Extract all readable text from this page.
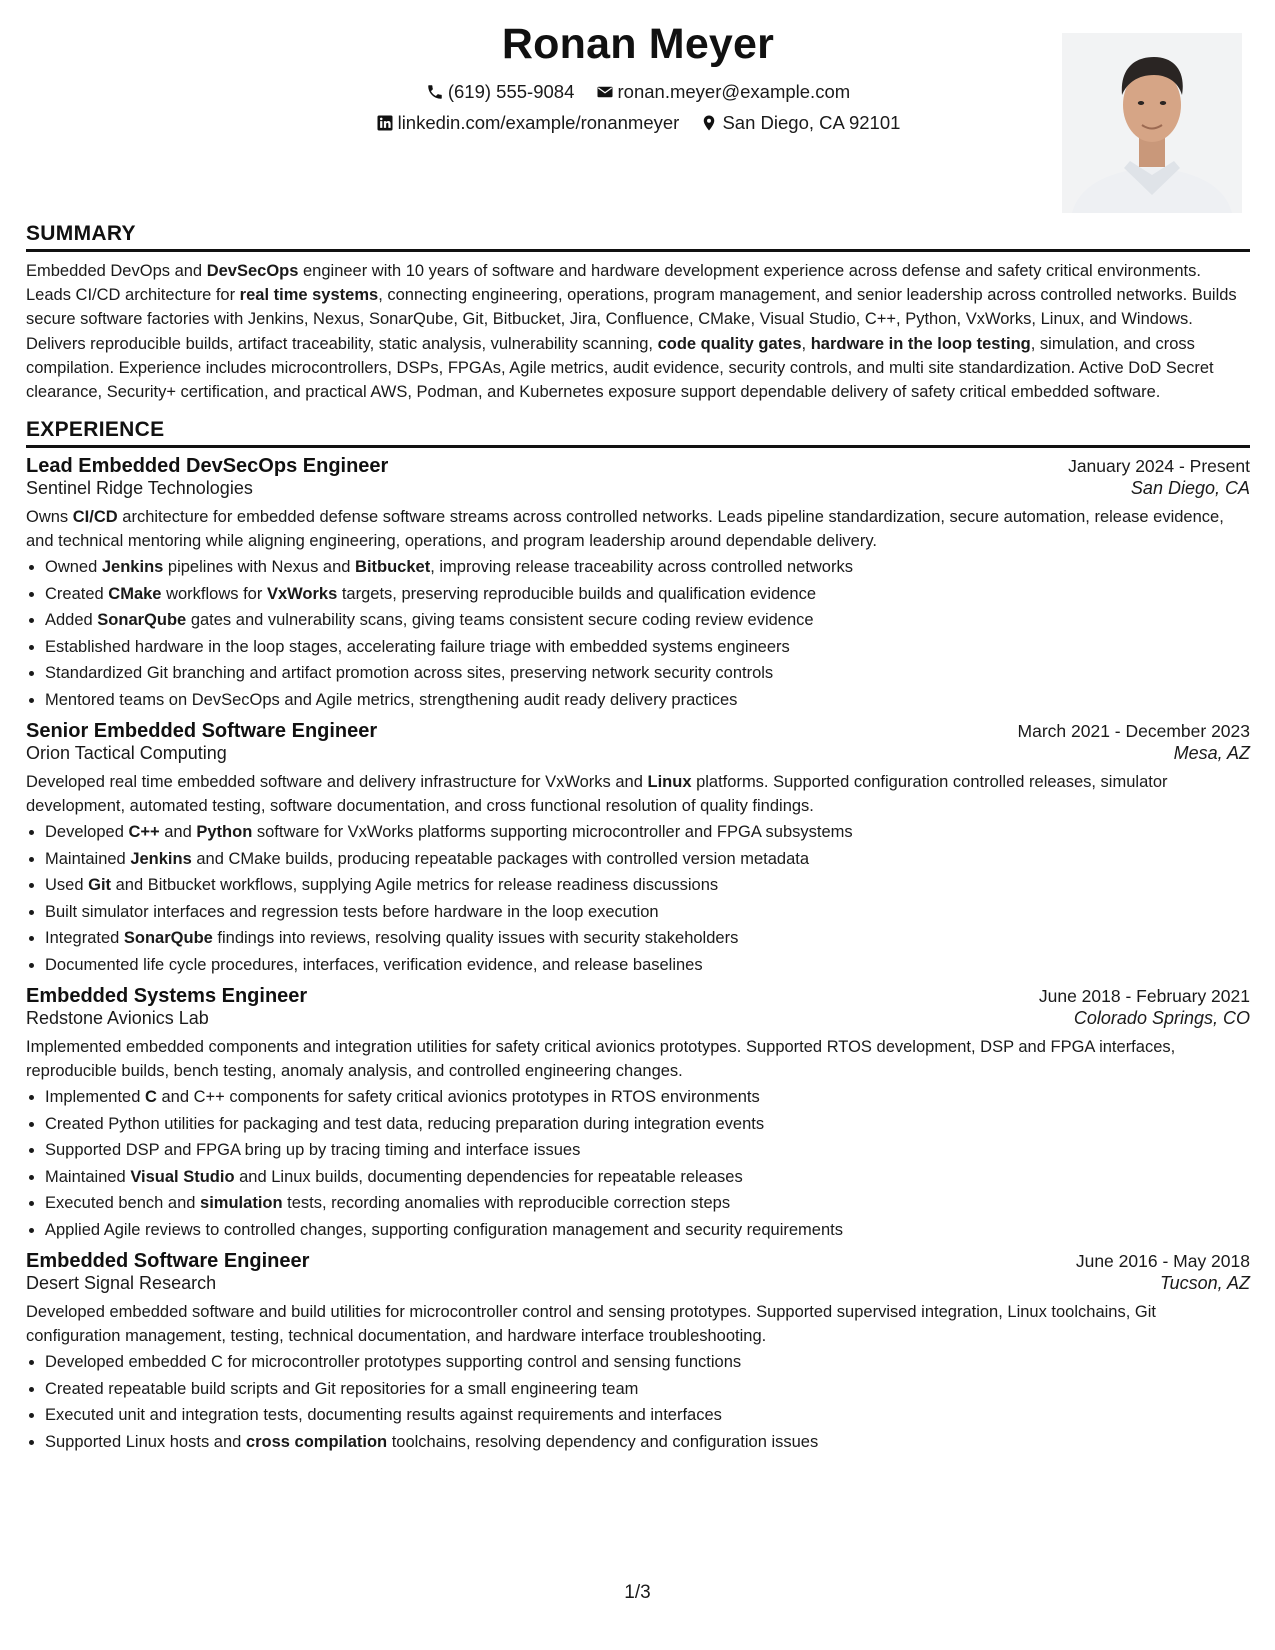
Ronan Meyer
(619) 555-9084
ronan.meyer@example.com
linkedin.com/example/ronanmeyer
San Diego, CA 92101
SUMMARY

Embedded DevOps and DevSecOps engineer with 10 years of software and hardware development experience across defense and safety critical environments. Leads CI/CD architecture for real time systems, connecting engineering, operations, program management, and senior leadership across controlled networks. Builds secure software factories with Jenkins, Nexus, SonarQube, Git, Bitbucket, Jira, Confluence, CMake, Visual Studio, C++, Python, VxWorks, Linux, and Windows. Delivers reproducible builds, artifact traceability, static analysis, vulnerability scanning, code quality gates, hardware in the loop testing, simulation, and cross compilation. Experience includes microcontrollers, DSPs, FPGAs, Agile metrics, audit evidence, security controls, and multi site standardization. Active DoD Secret clearance, Security+ certification, and practical AWS, Podman, and Kubernetes exposure support dependable delivery of safety critical embedded software.

EXPERIENCE
Lead Embedded DevSecOps Engineer	January 2024 - Present
Sentinel Ridge Technologies	San Diego, CA

Owns CI/CD architecture for embedded defense software streams across controlled networks. Leads pipeline standardization, secure automation, release evidence, and technical mentoring while aligning engineering, operations, and program leadership around dependable delivery.

• Owned Jenkins pipelines with Nexus and Bitbucket, improving release traceability across controlled networks
• Created CMake workflows for VxWorks targets, preserving reproducible builds and qualification evidence
• Added SonarQube gates and vulnerability scans, giving teams consistent secure coding review evidence
• Established hardware in the loop stages, accelerating failure triage with embedded systems engineers
• Standardized Git branching and artifact promotion across sites, preserving network security controls
• Mentored teams on DevSecOps and Agile metrics, strengthening audit ready delivery practices
Senior Embedded Software Engineer	March 2021 - December 2023
Orion Tactical Computing	Mesa, AZ

Developed real time embedded software and delivery infrastructure for VxWorks and Linux platforms. Supported configuration controlled releases, simulator development, automated testing, software documentation, and cross functional resolution of quality findings.

• Developed C++ and Python software for VxWorks platforms supporting microcontroller and FPGA subsystems
• Maintained Jenkins and CMake builds, producing repeatable packages with controlled version metadata
• Used Git and Bitbucket workflows, supplying Agile metrics for release readiness discussions
• Built simulator interfaces and regression tests before hardware in the loop execution
• Integrated SonarQube findings into reviews, resolving quality issues with security stakeholders
• Documented life cycle procedures, interfaces, verification evidence, and release baselines
Embedded Systems Engineer	June 2018 - February 2021
Redstone Avionics Lab	Colorado Springs, CO

Implemented embedded components and integration utilities for safety critical avionics prototypes. Supported RTOS development, DSP and FPGA interfaces, reproducible builds, bench testing, anomaly analysis, and controlled engineering changes.

• Implemented C and C++ components for safety critical avionics prototypes in RTOS environments
• Created Python utilities for packaging and test data, reducing preparation during integration events
• Supported DSP and FPGA bring up by tracing timing and interface issues
• Maintained Visual Studio and Linux builds, documenting dependencies for repeatable releases
• Executed bench and simulation tests, recording anomalies with reproducible correction steps
• Applied Agile reviews to controlled changes, supporting configuration management and security requirements
Embedded Software Engineer	June 2016 - May 2018
Desert Signal Research	Tucson, AZ

Developed embedded software and build utilities for microcontroller control and sensing prototypes. Supported supervised integration, Linux toolchains, Git configuration management, testing, technical documentation, and hardware interface troubleshooting.

• Developed embedded C for microcontroller prototypes supporting control and sensing functions
• Created repeatable build scripts and Git repositories for a small engineering team
• Executed unit and integration tests, documenting results against requirements and interfaces
• Supported Linux hosts and cross compilation toolchains, resolving dependency and configuration issues
1/3
